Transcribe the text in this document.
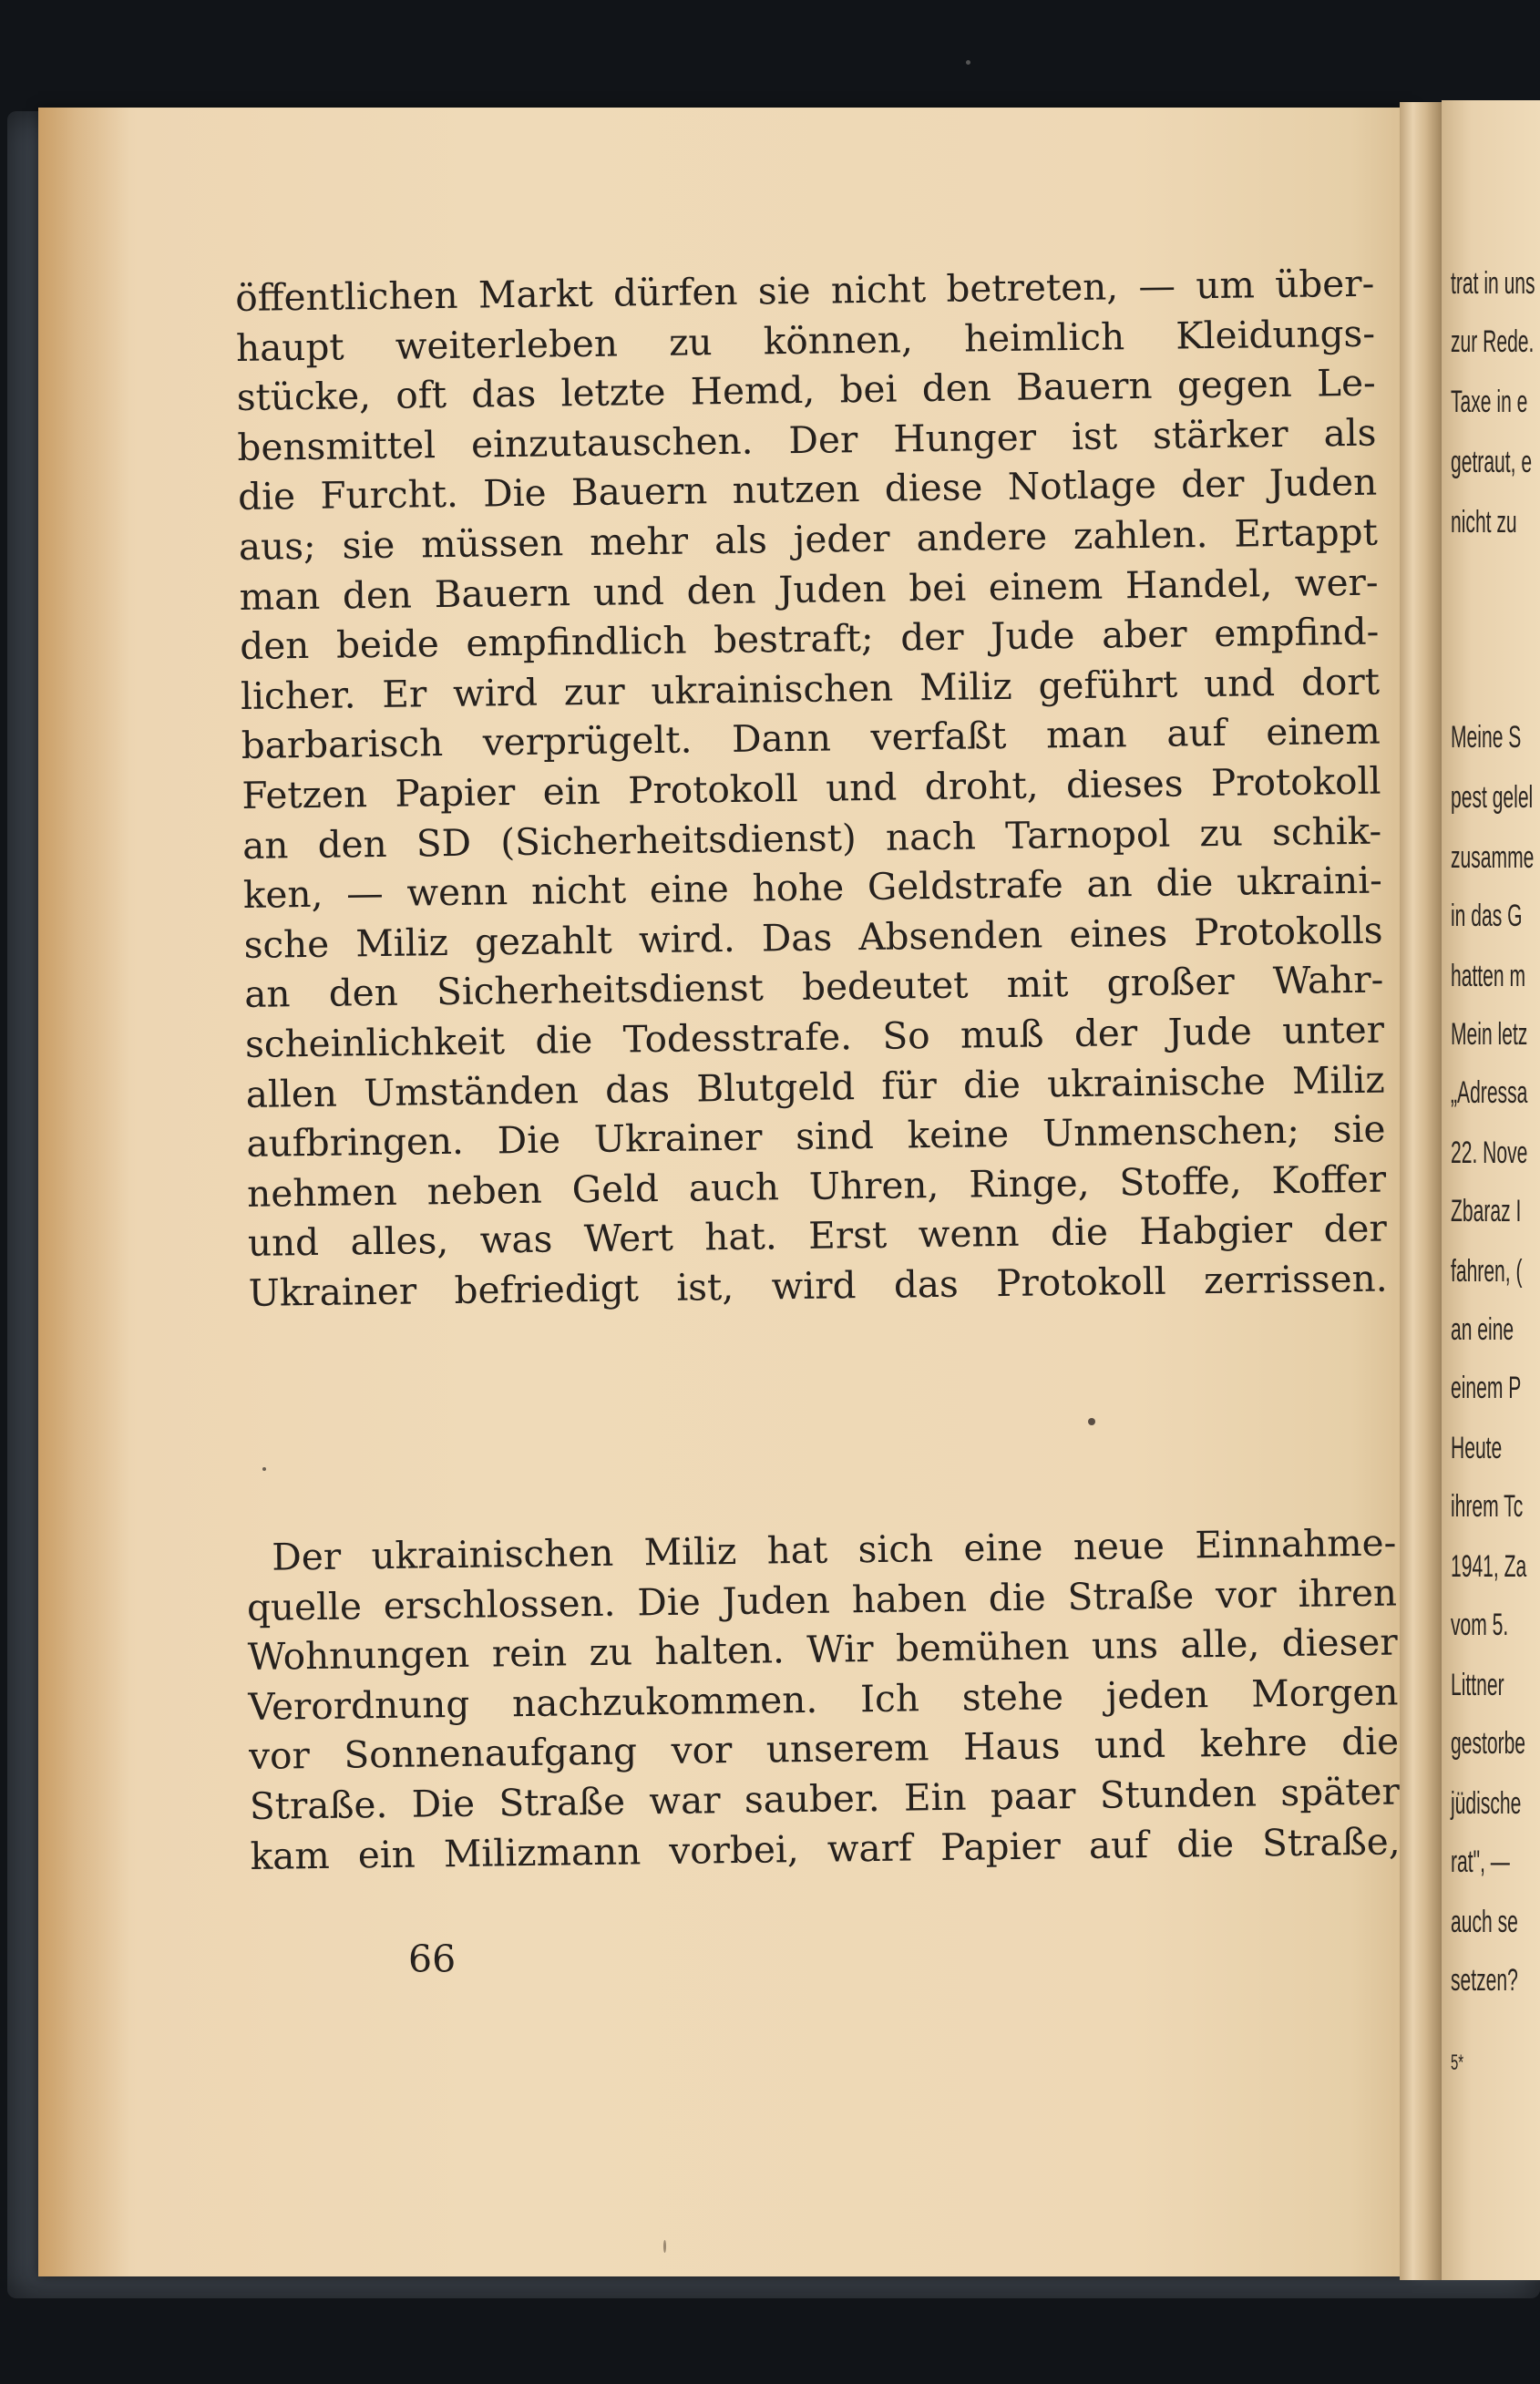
trat in uns
zur Rede.
Taxe in e
getraut, e
nicht zu
Meine S
pest gelel
zusamme
in das G
hatten m
Mein letz
„Adressa
22. Nove
Zbaraz I
fahren, (
an eine
einem P
Heute
ihrem Tc
1941, Za
vom 5.
Littner
gestorbe
jüdische
rat", —
auch se
setzen?
5*
öffentlichen Markt dürfen sie nicht betreten, — um über-
haupt weiterleben zu können, heimlich Kleidungs-
stücke, oft das letzte Hemd, bei den Bauern gegen Le-
bensmittel einzutauschen. Der Hunger ist stärker als
die Furcht. Die Bauern nutzen diese Notlage der Juden
aus; sie müssen mehr als jeder andere zahlen. Ertappt
man den Bauern und den Juden bei einem Handel, wer-
den beide empfindlich bestraft; der Jude aber empfind-
licher. Er wird zur ukrainischen Miliz geführt und dort
barbarisch verprügelt. Dann verfaßt man auf einem
Fetzen Papier ein Protokoll und droht, dieses Protokoll
an den SD (Sicherheitsdienst) nach Tarnopol zu schik-
ken, — wenn nicht eine hohe Geldstrafe an die ukraini-
sche Miliz gezahlt wird. Das Absenden eines Protokolls
an den Sicherheitsdienst bedeutet mit großer Wahr-
scheinlichkeit die Todesstrafe. So muß der Jude unter
allen Umständen das Blutgeld für die ukrainische Miliz
aufbringen. Die Ukrainer sind keine Unmenschen; sie
nehmen neben Geld auch Uhren, Ringe, Stoffe, Koffer
und alles, was Wert hat. Erst wenn die Habgier der
Ukrainer befriedigt ist, wird das Protokoll zerrissen.
Der ukrainischen Miliz hat sich eine neue Einnahme-
quelle erschlossen. Die Juden haben die Straße vor ihren
Wohnungen rein zu halten. Wir bemühen uns alle, dieser
Verordnung nachzukommen. Ich stehe jeden Morgen
vor Sonnenaufgang vor unserem Haus und kehre die
Straße. Die Straße war sauber. Ein paar Stunden später
kam ein Milizmann vorbei, warf Papier auf die Straße,
66
